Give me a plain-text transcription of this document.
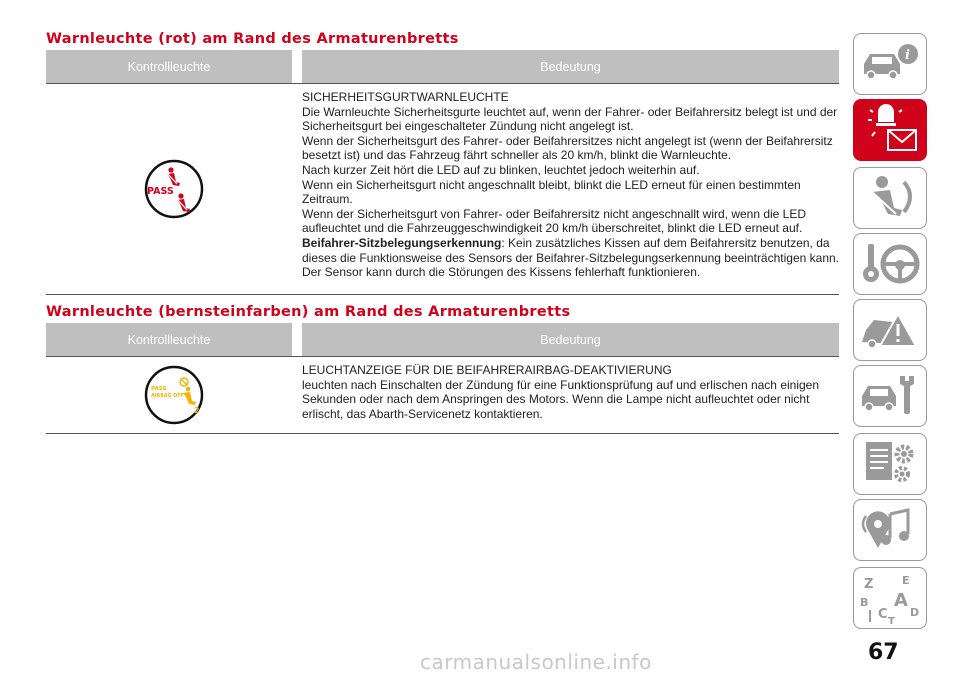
Warnleuchte (rot) am Rand des Armaturenbretts
Kontrollleuchte	Bedeutung
PASS

SICHERHEITSGURTWARNLEUCHTE

Die Warnleuchte Sicherheitsgurte leuchtet auf, wenn der Fahrer- oder Beifahrersitz belegt ist und der Sicherheitsgurt bei eingeschalteter Zündung nicht angelegt ist.

Wenn der Sicherheitsgurt des Fahrer- oder Beifahrersitzes nicht angelegt ist (wenn der Beifahrersitz besetzt ist) und das Fahrzeug fährt schneller als 20 km/h, blinkt die Warnleuchte.

Nach kurzer Zeit hört die LED auf zu blinken, leuchtet jedoch weiterhin auf.

Wenn ein Sicherheitsgurt nicht angeschnallt bleibt, blinkt die LED erneut für einen bestimmten Zeitraum.

Wenn der Sicherheitsgurt von Fahrer- oder Beifahrersitz nicht angeschnallt wird, wenn die LED aufleuchtet und die Fahrzeuggeschwindigkeit 20 km/h überschreitet, blinkt die LED erneut auf.

Beifahrer-Sitzbelegungserkennung: Kein zusätzliches Kissen auf dem Beifahrersitz benutzen, da dieses die Funktionsweise des Sensors der Beifahrer-Sitzbelegungserkennung beeinträchtigen kann. Der Sensor kann durch die Störungen des Kissens fehlerhaft funktionieren.

Warnleuchte (bernsteinfarben) am Rand des Armaturenbretts
Kontrollleuchte	Bedeutung
PASS
AIRBAG OFF
2

LEUCHTANZEIGE FÜR DIE BEIFAHRERAIRBAG-DEAKTIVIERUNG

leuchten nach Einschalten der Zündung für eine Funktionsprüfung auf und erlischen nach einigen Sekunden oder nach dem Anspringen des Motors. Wenn die Lampe nicht aufleuchtet oder nicht erlischt, das Abarth-Servicenetz kontaktieren.

i
Z	E
B A
C D
T
67
carmanualsonline.info
